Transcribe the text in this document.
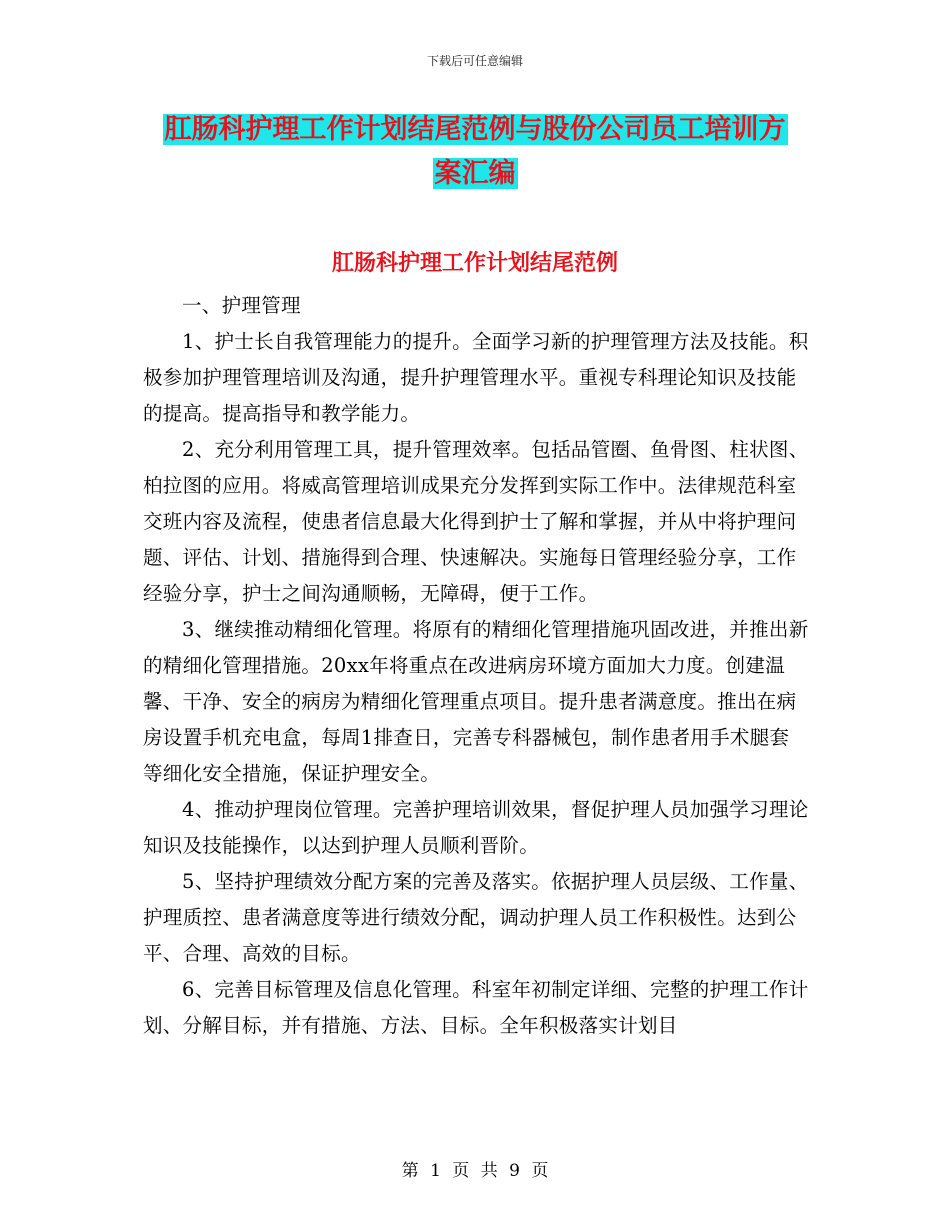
下载后可任意编辑
肛肠科护理工作计划结尾范例与股份公司员工培训方
案汇编
肛肠科护理工作计划结尾范例

一、护理管理

1、护士长自我管理能力的提升。全面学习新的护理管理方法及技能。积极参加护理管理培训及沟通，提升护理管理水平。重视专科理论知识及技能的提高。提高指导和教学能力。

2、充分利用管理工具，提升管理效率。包括品管圈、鱼骨图、柱状图、柏拉图的应用。将威高管理培训成果充分发挥到实际工作中。法律规范科室交班内容及流程，使患者信息最大化得到护士了解和掌握，并从中将护理问题、评估、计划、措施得到合理、快速解决。实施每日管理经验分享，工作经验分享，护士之间沟通顺畅，无障碍，便于工作。

3、继续推动精细化管理。将原有的精细化管理措施巩固改进，并推出新的精细化管理措施。20xx年将重点在改进病房环境方面加大力度。创建温馨、干净、安全的病房为精细化管理重点项目。提升患者满意度。推出在病房设置手机充电盒，每周1排查日，完善专科器械包，制作患者用手术腿套等细化安全措施，保证护理安全。

4、推动护理岗位管理。完善护理培训效果，督促护理人员加强学习理论知识及技能操作，以达到护理人员顺利晋阶。

5、坚持护理绩效分配方案的完善及落实。依据护理人员层级、工作量、护理质控、患者满意度等进行绩效分配，调动护理人员工作积极性。达到公平、合理、高效的目标。

6、完善目标管理及信息化管理。科室年初制定详细、完整的护理工作计划、分解目标，并有措施、方法、目标。全年积极落实计划目

第 1 页 共 9 页
